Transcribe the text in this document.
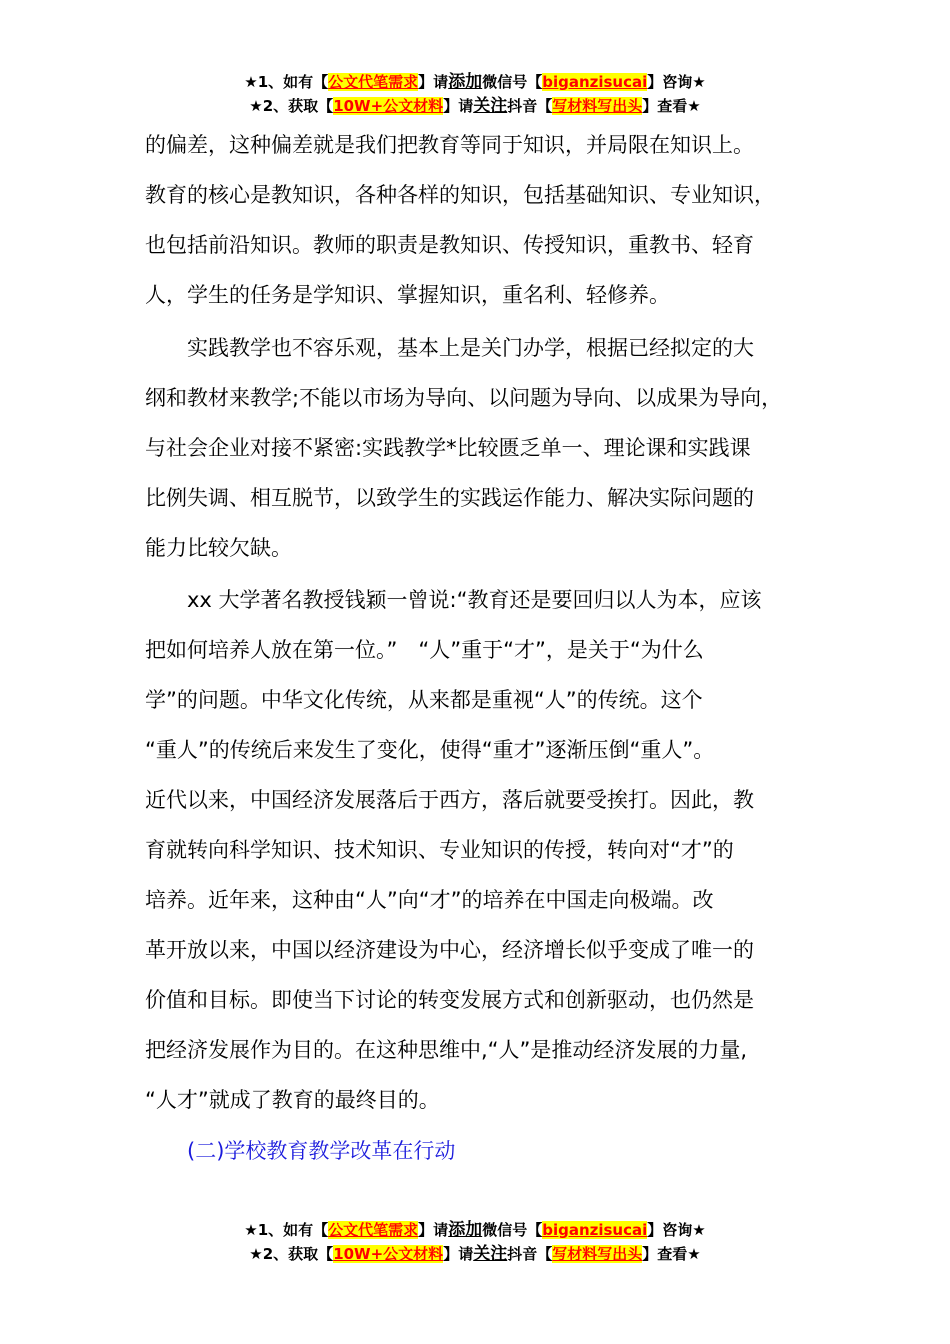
★1、如有【公文代笔需求】请添加微信号【biganzisucai】咨询★
★2、获取【10W+公文材料】请关注抖音【写材料写出头】查看★
的偏差，这种偏差就是我们把教育等同于知识，并局限在知识上。
教育的核心是教知识，各种各样的知识，包括基础知识、专业知识，
也包括前沿知识。教师的职责是教知识、传授知识，重教书、轻育
人，学生的任务是学知识、掌握知识，重名利、轻修养。
　　实践教学也不容乐观，基本上是关门办学，根据已经拟定的大
纲和教材来教学;不能以市场为导向、以问题为导向、以成果为导向，
与社会企业对接不紧密:实践教学*比较匮乏单一、理论课和实践课
比例失调、相互脱节，以致学生的实践运作能力、解决实际问题的
能力比较欠缺。
　　xx 大学著名教授钱颖一曾说:“教育还是要回归以人为本，应该
把如何培养人放在第一位。”　“人”重于“才”，是关于“为什么
学”的问题。中华文化传统，从来都是重视“人”的传统。这个
“重人”的传统后来发生了变化，使得“重才”逐渐压倒“重人”。
近代以来，中国经济发展落后于西方，落后就要受挨打。因此，教
育就转向科学知识、技术知识、专业知识的传授，转向对“才”的
培养。近年来，这种由“人”向“才”的培养在中国走向极端。改
革开放以来，中国以经济建设为中心，经济增长似乎变成了唯一的
价值和目标。即使当下讨论的转变发展方式和创新驱动，也仍然是
把经济发展作为目的。在这种思维中,“人”是推动经济发展的力量,
“人才”就成了教育的最终目的。
　　(二)学校教育教学改革在行动
★1、如有【公文代笔需求】请添加微信号【biganzisucai】咨询★
★2、获取【10W+公文材料】请关注抖音【写材料写出头】查看★
